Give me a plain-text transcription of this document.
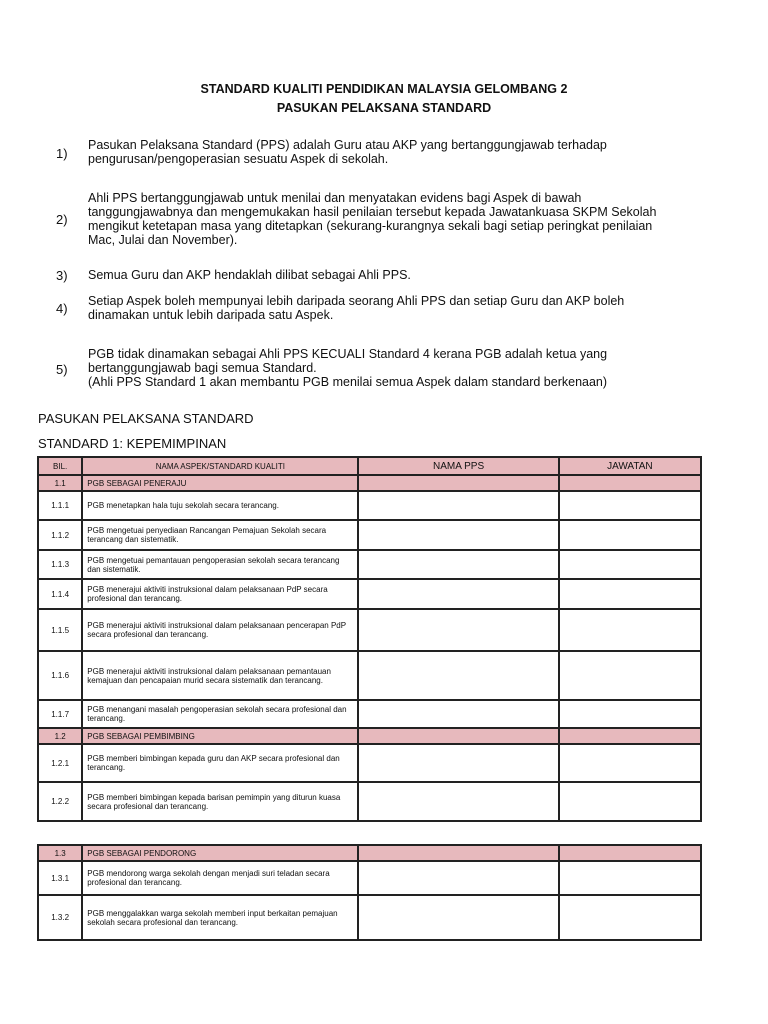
STANDARD KUALITI PENDIDIKAN MALAYSIA GELOMBANG 2
PASUKAN PELAKSANA STANDARD
1)
Pasukan Pelaksana Standard (PPS) adalah Guru atau AKP yang bertanggungjawab terhadap
pengurusan/pengoperasian sesuatu Aspek di sekolah.
2)
Ahli PPS bertanggungjawab untuk menilai dan menyatakan evidens bagi Aspek di bawah
tanggungjawabnya dan mengemukakan hasil penilaian tersebut kepada Jawatankuasa SKPM Sekolah
mengikut ketetapan masa yang ditetapkan (sekurang-kurangnya sekali bagi setiap peringkat penilaian
Mac, Julai dan November).
3) Semua Guru dan AKP hendaklah dilibat sebagai Ahli PPS.
4) Setiap Aspek boleh mempunyai lebih daripada seorang Ahli PPS dan setiap Guru dan AKP boleh
dinamakan untuk lebih daripada satu Aspek.
5)
PGB tidak dinamakan sebagai Ahli PPS KECUALI Standard 4 kerana PGB adalah ketua yang
bertanggungjawab bagi semua Standard.
(Ahli PPS Standard 1 akan membantu PGB menilai semua Aspek dalam standard berkenaan)
PASUKAN PELAKSANA STANDARD
STANDARD 1: KEPEMIMPINAN
BIL.	NAMA ASPEK/STANDARD KUALITI	NAMA PPS	JAWATAN
1.1	PGB SEBAGAI PENERAJU		
1.1.1	PGB menetapkan hala tuju sekolah secara terancang.		
1.1.2	PGB mengetuai penyediaan Rancangan Pemajuan Sekolah secara terancang dan sistematik.		
1.1.3	PGB mengetuai pemantauan pengoperasian sekolah secara terancang dan sistematik.		
1.1.4	PGB menerajui aktiviti instruksional dalam pelaksanaan PdP secara profesional dan terancang.		
1.1.5	PGB menerajui aktiviti instruksional dalam pelaksanaan pencerapan PdP secara profesional dan terancang.		
1.1.6	PGB menerajui aktiviti instruksional dalam pelaksanaan pemantauan kemajuan dan pencapaian murid secara sistematik dan terancang.		
1.1.7	PGB menangani masalah pengoperasian sekolah secara profesional dan terancang.		
1.2	PGB SEBAGAI PEMBIMBING		
1.2.1	PGB memberi bimbingan kepada guru dan AKP secara profesional dan terancang.		
1.2.2	PGB memberi bimbingan kepada barisan pemimpin yang diturun kuasa secara profesional dan terancang.		
1.3	PGB SEBAGAI PENDORONG		
1.3.1	PGB mendorong warga sekolah dengan menjadi suri teladan secara profesional dan terancang.		
1.3.2	PGB menggalakkan warga sekolah memberi input berkaitan pemajuan sekolah secara profesional dan terancang.		
